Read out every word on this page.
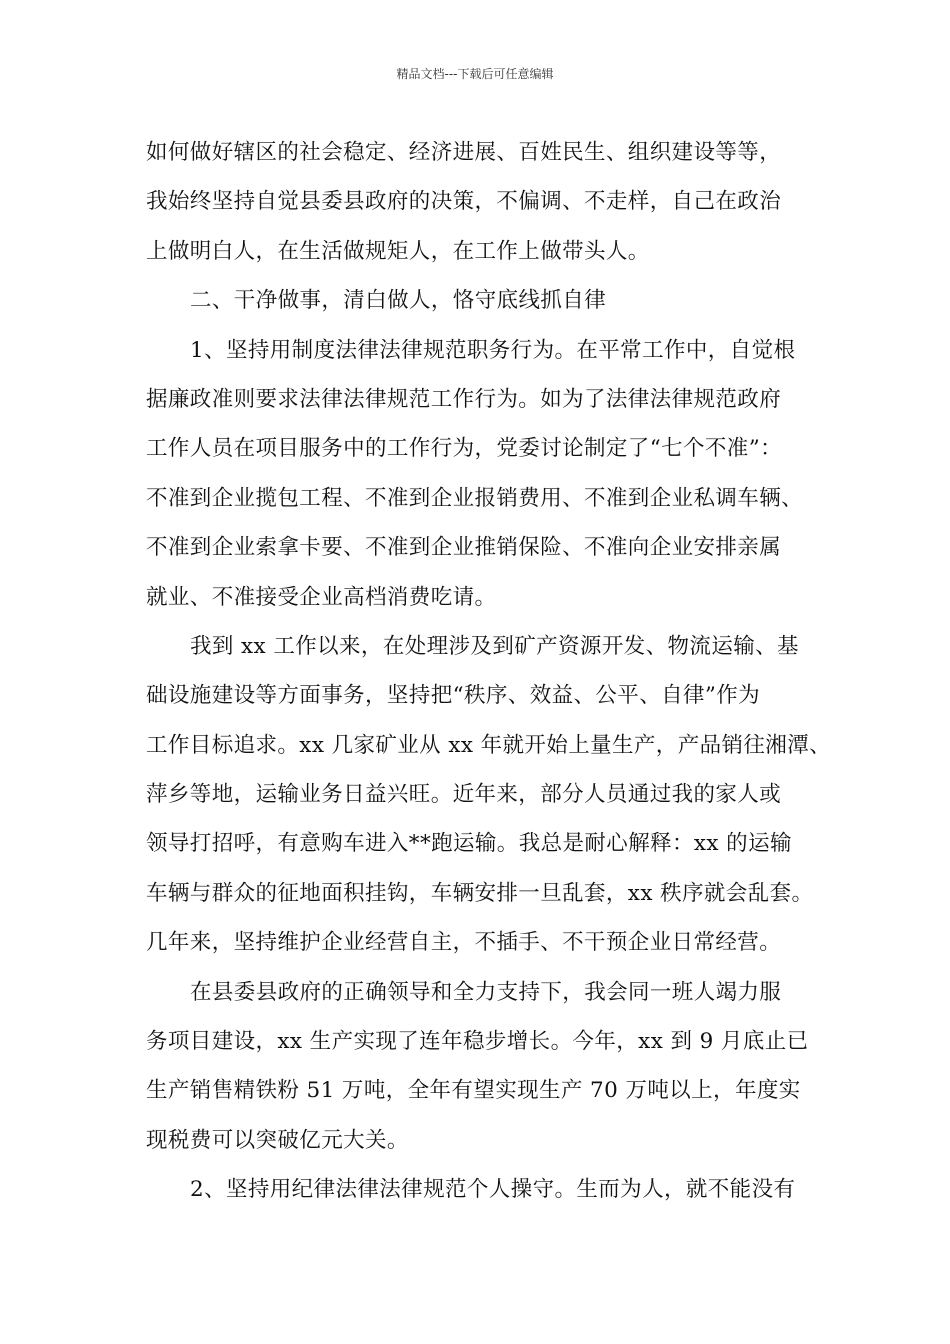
精品文档---下载后可任意编辑
如何做好辖区的社会稳定、经济进展、百姓民生、组织建设等等，
我始终坚持自觉县委县政府的决策，不偏调、不走样，自己在政治
上做明白人，在生活做规矩人，在工作上做带头人。
二、干净做事，清白做人，恪守底线抓自律
1、坚持用制度法律法律规范职务行为。在平常工作中，自觉根
据廉政准则要求法律法律规范工作行为。如为了法律法律规范政府
工作人员在项目服务中的工作行为，党委讨论制定了“七个不准”：
不准到企业揽包工程、不准到企业报销费用、不准到企业私调车辆、
不准到企业索拿卡要、不准到企业推销保险、不准向企业安排亲属
就业、不准接受企业高档消费吃请。
我到 xx 工作以来，在处理涉及到矿产资源开发、物流运输、基
础设施建设等方面事务，坚持把“秩序、效益、公平、自律”作为
工作目标追求。xx 几家矿业从 xx 年就开始上量生产，产品销往湘潭、
萍乡等地，运输业务日益兴旺。近年来，部分人员通过我的家人或
领导打招呼，有意购车进入**跑运输。我总是耐心解释：xx 的运输
车辆与群众的征地面积挂钩，车辆安排一旦乱套，xx 秩序就会乱套。
几年来，坚持维护企业经营自主，不插手、不干预企业日常经营。
在县委县政府的正确领导和全力支持下，我会同一班人竭力服
务项目建设，xx 生产实现了连年稳步增长。今年，xx 到 9 月底止已
生产销售精铁粉 51 万吨，全年有望实现生产 70 万吨以上，年度实
现税费可以突破亿元大关。
2、坚持用纪律法律法律规范个人操守。生而为人，就不能没有
